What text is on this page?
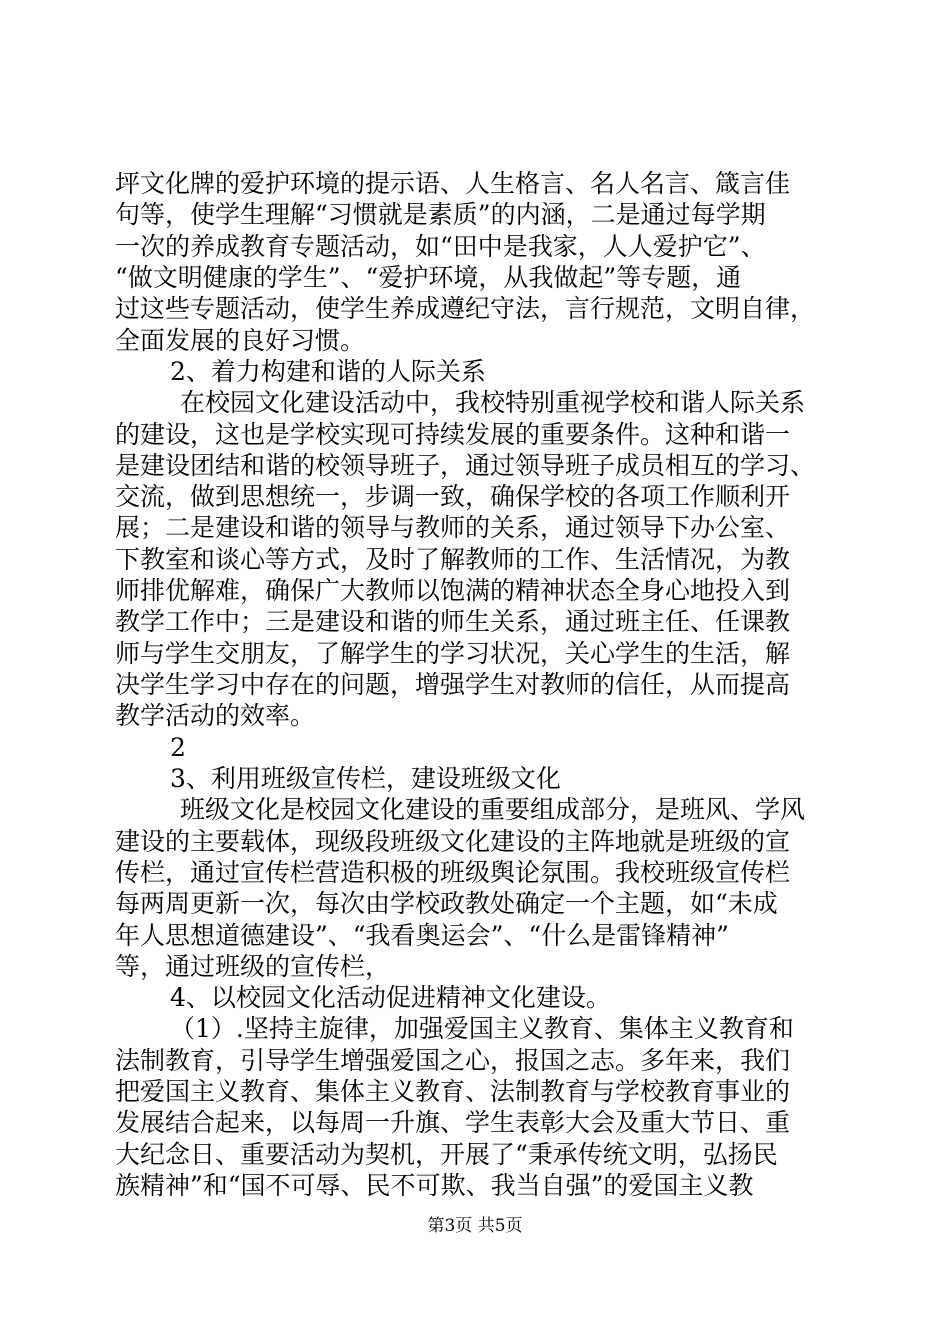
坪文化牌的爱护环境的提示语、人生格言、名人名言、箴言佳
句等，使学生理解“习惯就是素质”的内涵，二是通过每学期
一次的养成教育专题活动，如“田中是我家，人人爱护它”、
“做文明健康的学生”、“爱护环境，从我做起”等专题，通
过这些专题活动，使学生养成遵纪守法，言行规范，文明自律，
全面发展的良好习惯。
2、着力构建和谐的人际关系
在校园文化建设活动中，我校特别重视学校和谐人际关系
的建设，这也是学校实现可持续发展的重要条件。这种和谐一
是建设团结和谐的校领导班子，通过领导班子成员相互的学习、
交流，做到思想统一，步调一致，确保学校的各项工作顺利开
展；二是建设和谐的领导与教师的关系，通过领导下办公室、
下教室和谈心等方式，及时了解教师的工作、生活情况，为教
师排优解难，确保广大教师以饱满的精神状态全身心地投入到
教学工作中；三是建设和谐的师生关系，通过班主任、任课教
师与学生交朋友，了解学生的学习状况，关心学生的生活，解
决学生学习中存在的问题，增强学生对教师的信任，从而提高
教学活动的效率。
2
3、利用班级宣传栏，建设班级文化
班级文化是校园文化建设的重要组成部分，是班风、学风
建设的主要载体，现级段班级文化建设的主阵地就是班级的宣
传栏，通过宣传栏营造积极的班级舆论氛围。我校班级宣传栏
每两周更新一次，每次由学校政教处确定一个主题，如“未成
年人思想道德建设”、“我看奥运会”、“什么是雷锋精神”
等，通过班级的宣传栏，
4、以校园文化活动促进精神文化建设。
（1）.坚持主旋律，加强爱国主义教育、集体主义教育和
法制教育，引导学生增强爱国之心，报国之志。多年来，我们
把爱国主义教育、集体主义教育、法制教育与学校教育事业的
发展结合起来，以每周一升旗、学生表彰大会及重大节日、重
大纪念日、重要活动为契机，开展了“秉承传统文明，弘扬民
族精神”和“国不可辱、民不可欺、我当自强”的爱国主义教
第3页 共5页
